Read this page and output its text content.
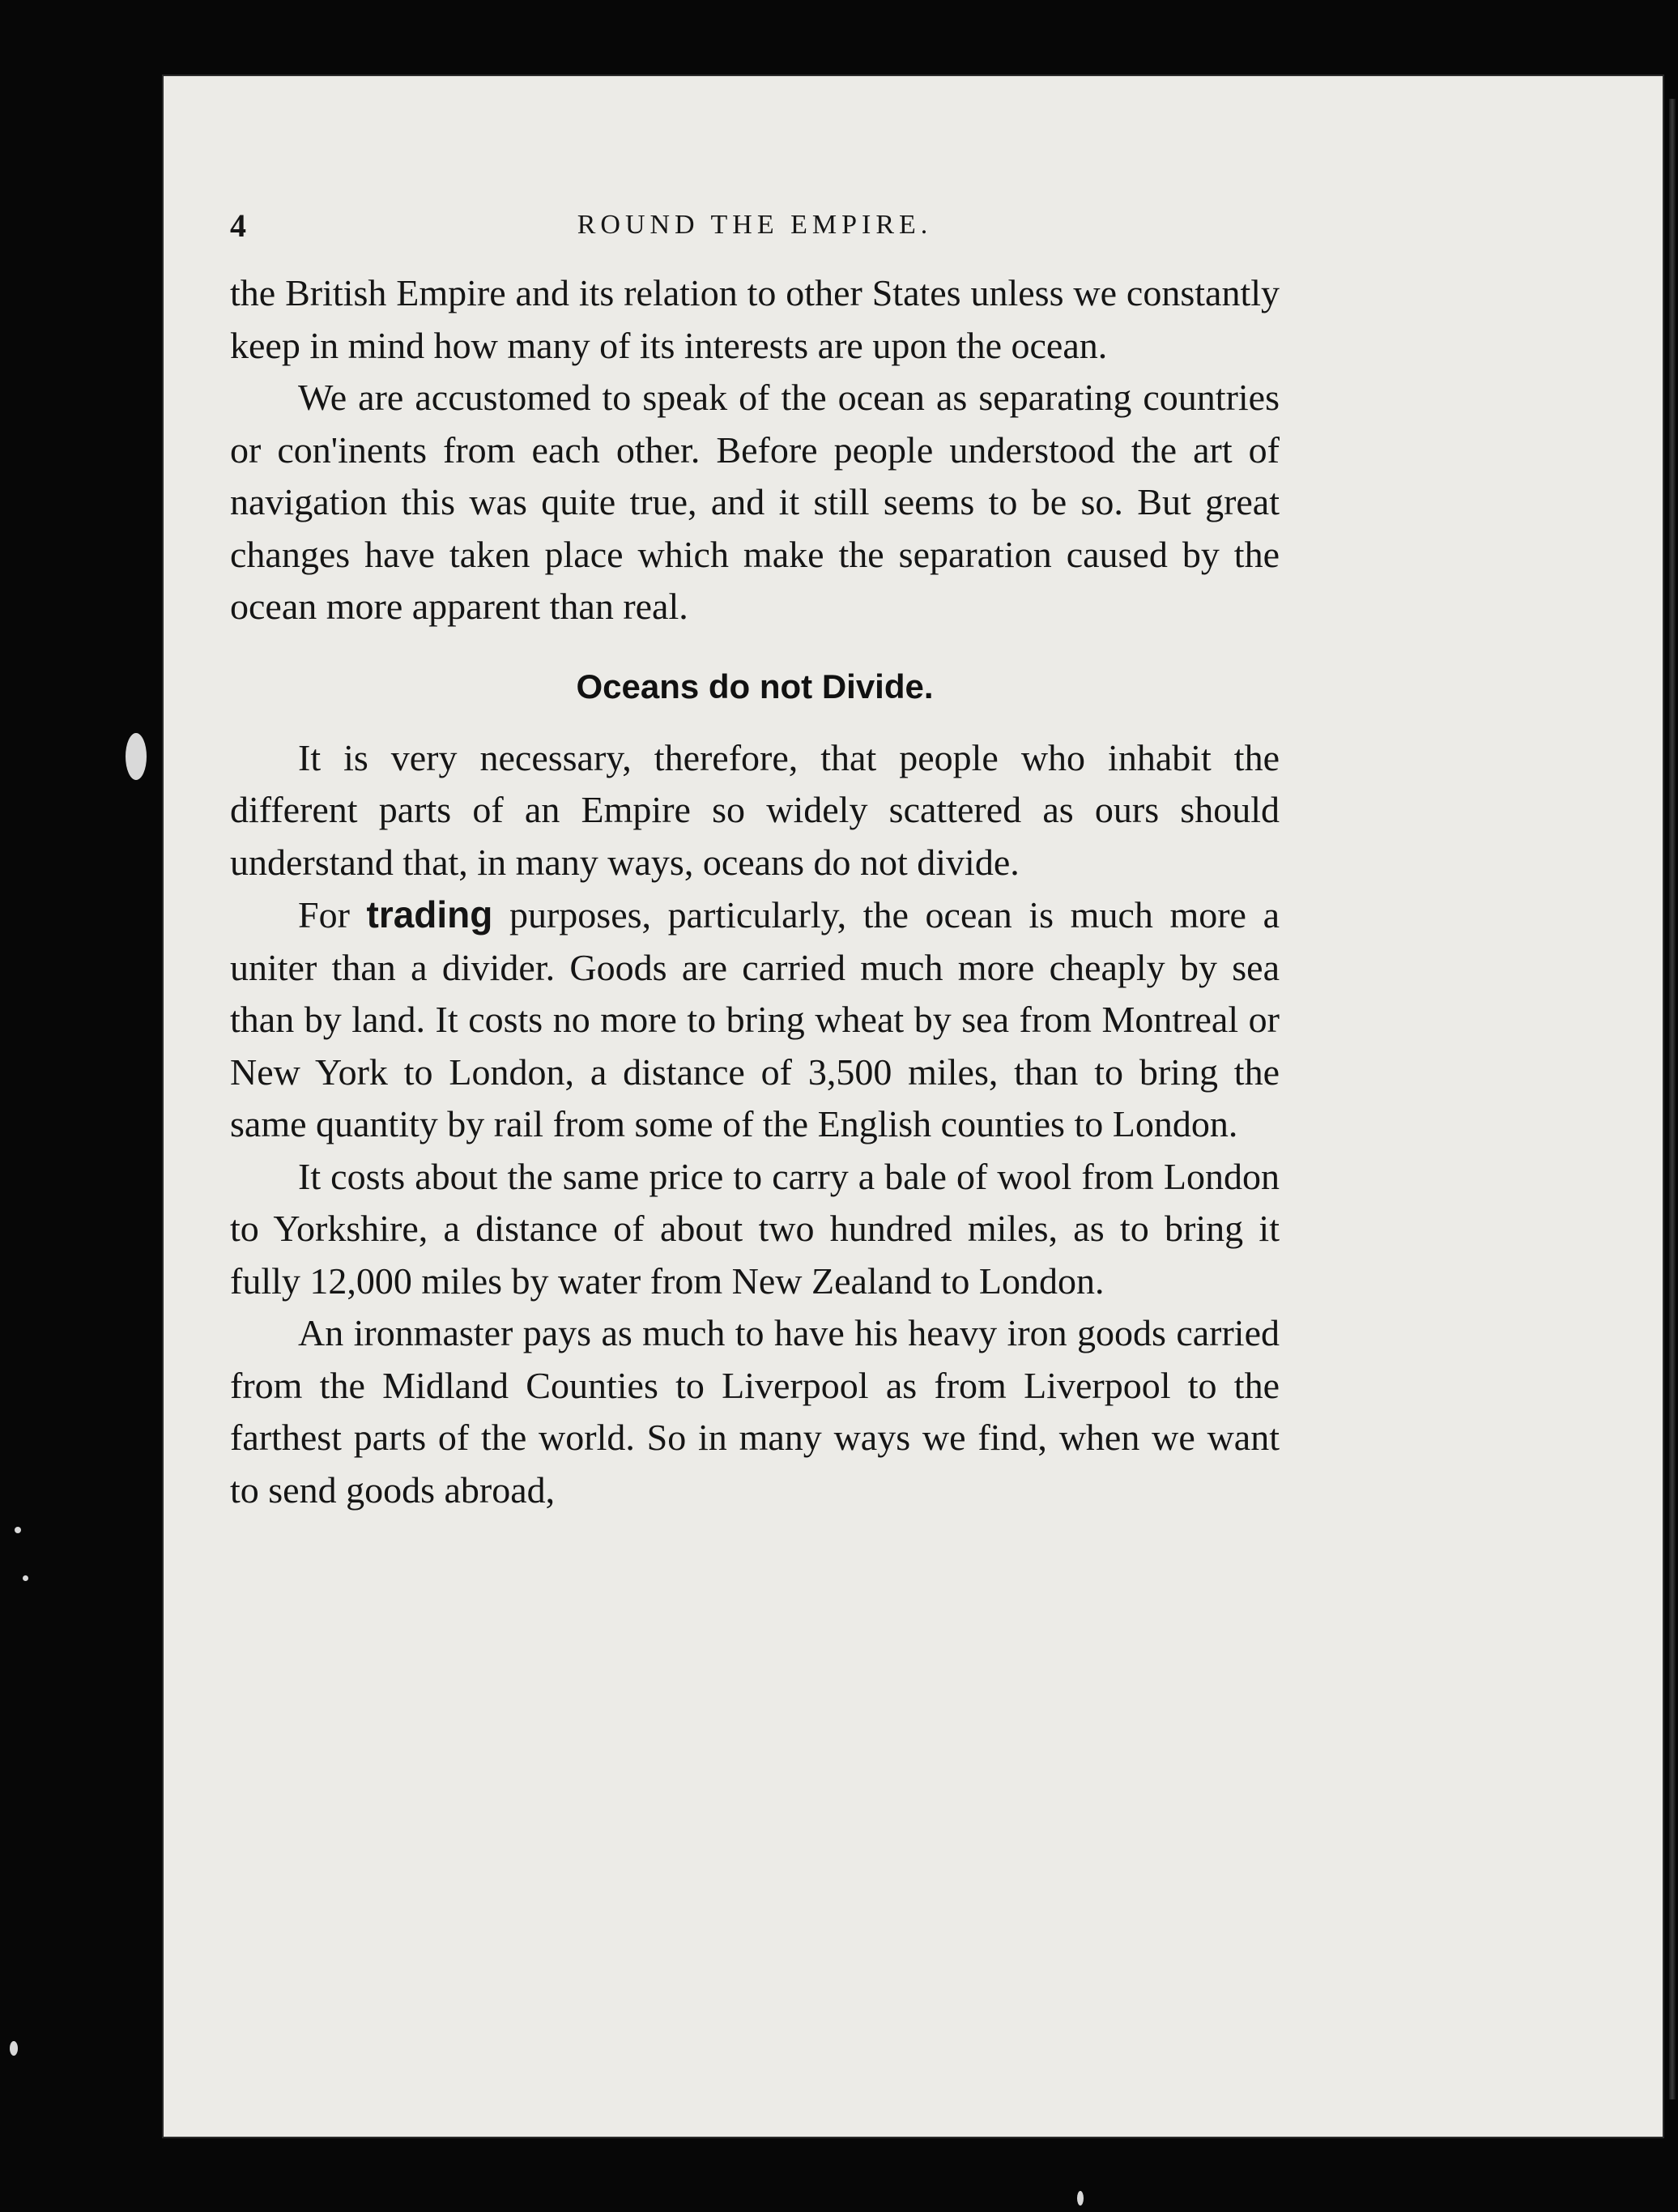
4	ROUND THE EMPIRE.

the British Empire and its relation to other States unless we constantly keep in mind how many of its interests are upon the ocean.

We are accustomed to speak of the ocean as separating countries or con'inents from each other. Before people understood the art of navigation this was quite true, and it still seems to be so. But great changes have taken place which make the separation caused by the ocean more apparent than real.

Oceans do not Divide.

It is very necessary, therefore, that people who inhabit the different parts of an Empire so widely scattered as ours should understand that, in many ways, oceans do not divide.

For trading purposes, particularly, the ocean is much more a uniter than a divider. Goods are carried much more cheaply by sea than by land. It costs no more to bring wheat by sea from Montreal or New York to London, a distance of 3,500 miles, than to bring the same quantity by rail from some of the English counties to London.

It costs about the same price to carry a bale of wool from London to Yorkshire, a distance of about two hundred miles, as to bring it fully 12,000 miles by water from New Zealand to London.

An ironmaster pays as much to have his heavy iron goods carried from the Midland Counties to Liverpool as from Liverpool to the farthest parts of the world. So in many ways we find, when we want to send goods abroad,
